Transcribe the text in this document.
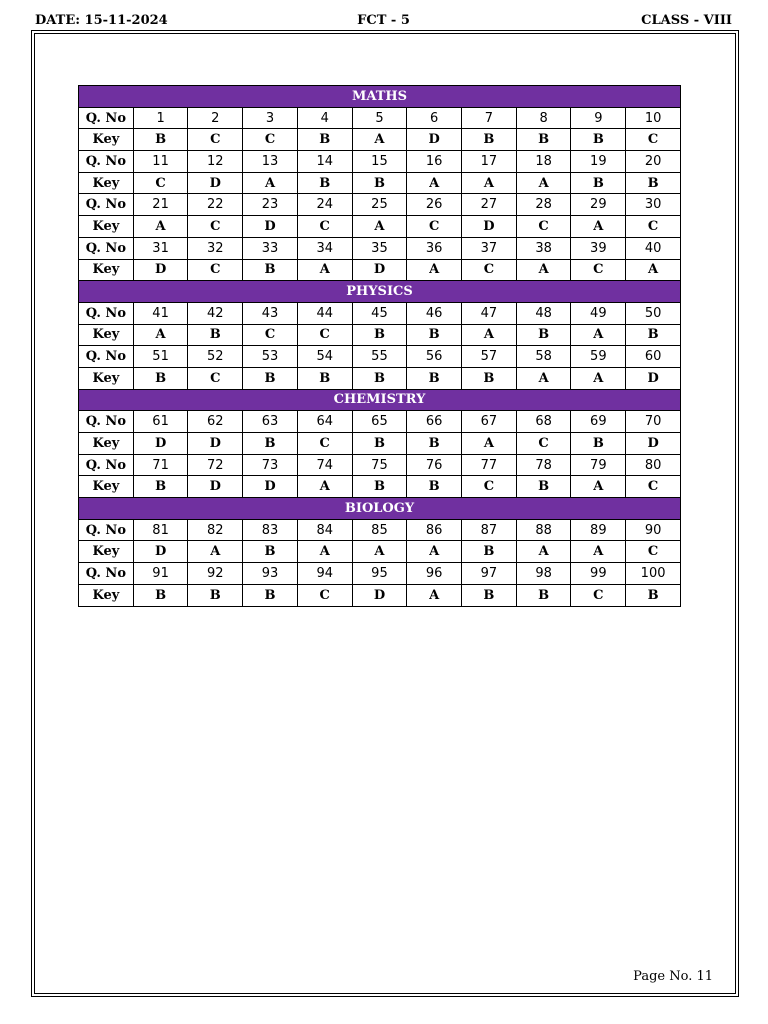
DATE: 15-11-2024	FCT - 5	CLASS - VIII
MATHS										
Q. No	1	2	3	4	5	6	7	8	9	10
Key	B	C	C	B	A	D	B	B	B	C
Q. No	11	12	13	14	15	16	17	18	19	20
Key	C	D	A	B	B	A	A	A	B	B
Q. No	21	22	23	24	25	26	27	28	29	30
Key	A	C	D	C	A	C	D	C	A	C
Q. No	31	32	33	34	35	36	37	38	39	40
Key	D	C	B	A	D	A	C	A	C	A
PHYSICS										
Q. No	41	42	43	44	45	46	47	48	49	50
Key	A	B	C	C	B	B	A	B	A	B
Q. No	51	52	53	54	55	56	57	58	59	60
Key	B	C	B	B	B	B	B	A	A	D
CHEMISTRY										
Q. No	61	62	63	64	65	66	67	68	69	70
Key	D	D	B	C	B	B	A	C	B	D
Q. No	71	72	73	74	75	76	77	78	79	80
Key	B	D	D	A	B	B	C	B	A	C
BIOLOGY										
Q. No	81	82	83	84	85	86	87	88	89	90
Key	D	A	B	A	A	A	B	A	A	C
Q. No	91	92	93	94	95	96	97	98	99	100
Key	B	B	B	C	D	A	B	B	C	B
Page No. 11
